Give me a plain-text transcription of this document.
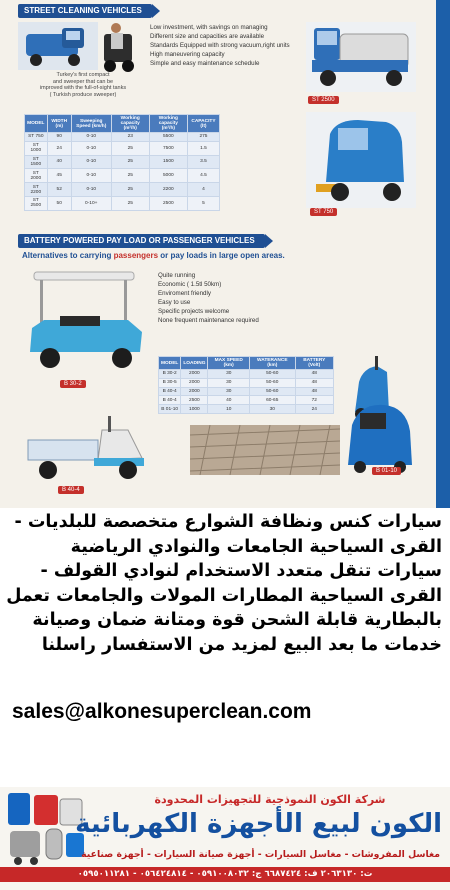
STREET CLEANING VEHICLES
Turkey's first compact
and sweeper that can be
improved with the full-of-sight tanks
( Turkish produce sweeper)
Low investment, with savings on managing
Different size and capacities are available
Standards Equipped with strong vacuum,right units
High maneuvering capacity
Simple and easy maintenance schedule
ST 2500
MODEL	WIDTH (m)	Sweeping Speed (km/h)	Working capacity (m²/h)	Working capacity (m²/h)	CAPACITY (lt)
ST 750	90	0-10	23	5500	275
ST 1000	24	0-10	25	7500	1.5
ST 1500	40	0-10	25	1500	3.5
ST 2000	45	0-10	25	5000	4.5
ST 2200	52	0-10	25	2200	4
ST 2500	50	0-10+	25	2500	5
ST 750
BATTERY POWERED PAY LOAD OR PASSENGER VEHICLES
Alternatives to carrying passengers or pay loads in large open areas.
B 30-2
Quite running
Economic ( 1.5tl 50km)
Enviroment friendly
Easy to use
Specific projects welcome
None frequent maintenance required
MODEL	LOADING	MAX SPEED (km)	WATERANCE (km)	BATTERY (Volt)
B 30-2	2000	30	50-60	48
B 30-5	2000	30	50-60	48
B 40-4	2000	30	50-60	48
B 40-4	2500	40	60-65	72
B 01-10	1000	10	30	24
B 40-4
B 01-10
سيارات كنس ونظافة الشوارع متخصصة للبلديات -
القرى السياحية الجامعات والنوادي الرياضية
سيارات تنقل متعدد الاستخدام لنوادي القولف -
القرى السياحية المطارات المولات والجامعات تعمل
بالبطارية قابلة الشحن قوة ومتانة ضمان وصيانة
خدمات ما بعد البيع لمزيد من الاستفسار راسلنا
sales@alkonesuperclean.com
شركة الكون النموذجية للتجهيزات المحدودة
الكون لبيع الأجهزة الكهربائية
مغاسل المفروشات - مغاسل السيارات - أجهزة صيانة السيارات - أجهزة صناعية
ت: ٢٠٦٣١٣٠ ف: ٦٦٨٧٤٢٤ ج: ٠٥٩١٠٠٨٠٣٢ - ٠٥٦٤٢٤٨١٤ - ٠٥٩٥٠١١٢٨١
